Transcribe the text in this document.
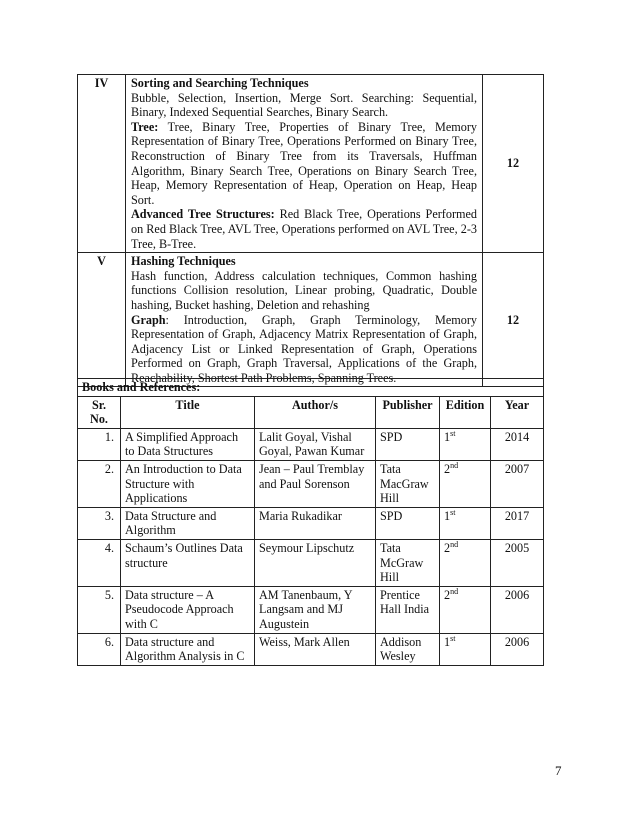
IV	Sorting and Searching Techniques
Bubble, Selection, Insertion, Merge Sort. Searching: Sequential, Binary, Indexed Sequential Searches, Binary Search.
Tree: Tree, Binary Tree, Properties of Binary Tree, Memory Representation of Binary Tree, Operations Performed on Binary Tree, Reconstruction of Binary Tree from its Traversals, Huffman Algorithm, Binary Search Tree, Operations on Binary Search Tree, Heap, Memory Representation of Heap, Operation on Heap, Heap Sort.
Advanced Tree Structures: Red Black Tree, Operations Performed on Red Black Tree, AVL Tree, Operations performed on AVL Tree, 2-3 Tree, B-Tree.	12
V	Hashing Techniques
Hash function, Address calculation techniques, Common hashing functions Collision resolution, Linear probing, Quadratic, Double hashing, Bucket hashing, Deletion and rehashing
Graph: Introduction, Graph, Graph Terminology, Memory Representation of Graph, Adjacency Matrix Representation of Graph, Adjacency List or Linked Representation of Graph, Operations Performed on Graph, Graph Traversal, Applications of the Graph, Reachability, Shortest Path Problems, Spanning Trees.	12
Books and References:					
Sr. No.	Title	Author/s	Publisher	Edition	Year
1.	A Simplified Approach to Data Structures	Lalit Goyal, Vishal Goyal, Pawan Kumar	SPD	1st	2014
2.	An Introduction to Data Structure with Applications	Jean – Paul Tremblay and Paul Sorenson	Tata MacGraw Hill	2nd	2007
3.	Data Structure and Algorithm	Maria Rukadikar	SPD	1st	2017
4.	Schaum’s Outlines Data structure	Seymour Lipschutz	Tata McGraw Hill	2nd	2005
5.	Data structure – A Pseudocode Approach with C	AM Tanenbaum, Y Langsam and MJ Augustein	Prentice Hall India	2nd	2006
6.	Data structure and Algorithm Analysis in C	Weiss, Mark Allen	Addison Wesley	1st	2006
7
